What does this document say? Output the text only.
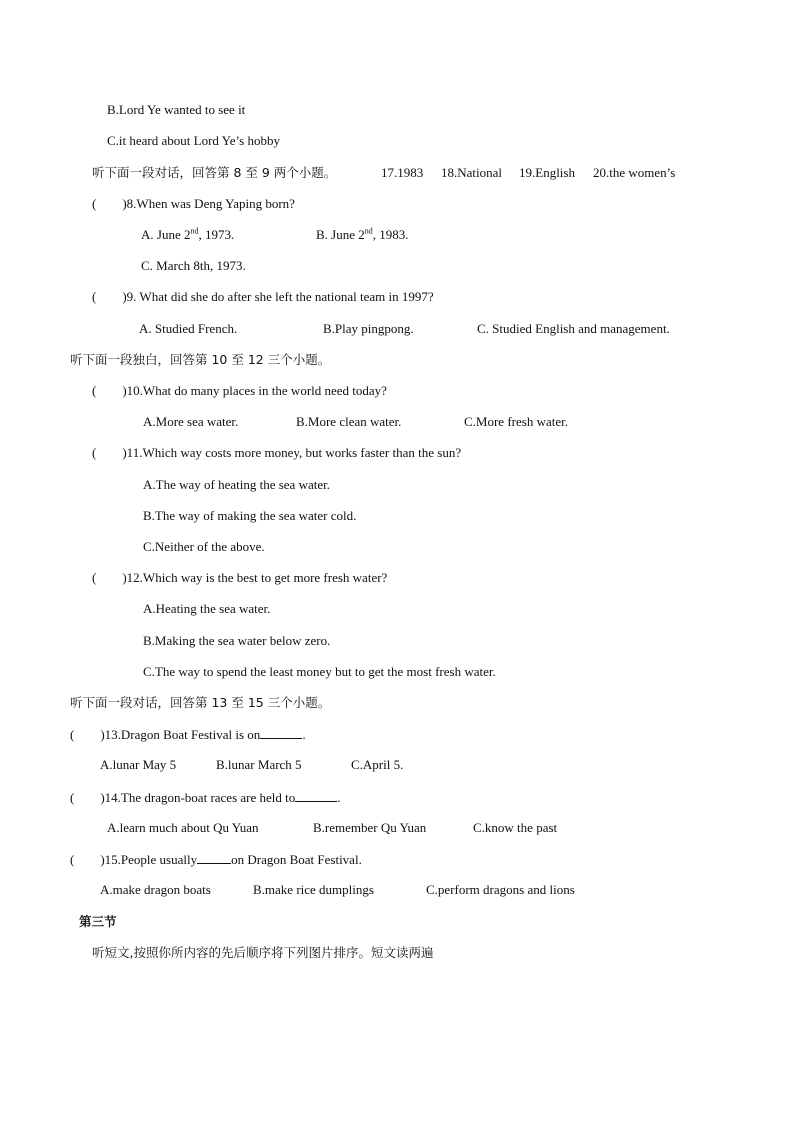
B.Lord Ye wanted to see it
C.it heard about Lord Ye’s hobby
听下面一段对话，回答第 8 至 9 两个小题。	17.1983 18.National 19.English 20.the women’s
(　　)8.When was Deng Yaping born?
A. June 2nd, 1973.	B. June 2nd, 1983.
C. March 8th, 1973.
(　　)9. What did she do after she left the national team in 1997?
A. Studied French.	B.Play pingpong.	C. Studied English and management.
听下面一段独白，回答第 10 至 12 三个小题。
(　　)10.What do many places in the world need today?
A.More sea water.	B.More clean water.	C.More fresh water.
(　　)11.Which way costs more money, but works faster than the sun?
A.The way of heating the sea water.
B.The way of making the sea water cold.
C.Neither of the above.
(　　)12.Which way is the best to get more fresh water?
A.Heating the sea water.
B.Making the sea water below zero.
C.The way to spend the least money but to get the most fresh water.
听下面一段对话，回答第 13 至 15 三个小题。
(　　)13.Dragon Boat Festival is on	.
A.lunar May 5	B.lunar March 5	C.April 5.
(　　)14.The dragon-boat races are held to	.
A.learn much about Qu Yuan	B.remember Qu Yuan	C.know the past
(　　)15.People usually	on Dragon Boat Festival.
A.make dragon boats	B.make rice dumplings	C.perform dragons and lions
第三节
听短文,按照你所内容的先后顺序将下列图片排序。短文读两遍
